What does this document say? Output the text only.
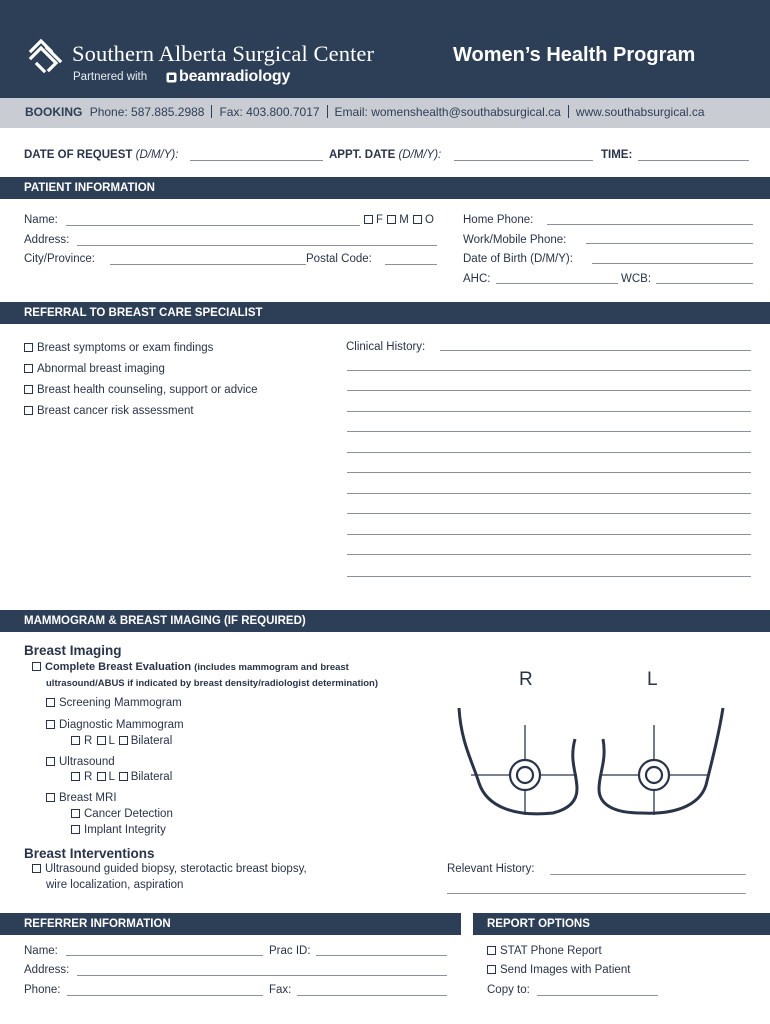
Southern Alberta Surgical Center
Partnered with beamradiology
Women’s Health Program
BOOKING Phone: 587.885.2988 Fax: 403.800.7017 Email: womenshealth@southabsurgical.ca www.southabsurgical.ca
DATE OF REQUEST (D/M/Y):	APPT. DATE (D/M/Y):	TIME:
PATIENT INFORMATION
Name:	F M O
Address:
City/Province:	Postal Code:
Home Phone:
Work/Mobile Phone:
Date of Birth (D/M/Y):
AHC:	WCB:
REFERRAL TO BREAST CARE SPECIALIST
Breast symptoms or exam findings
Abnormal breast imaging
Breast health counseling, support or advice
Breast cancer risk assessment
Clinical History:
MAMMOGRAM & BREAST IMAGING (IF REQUIRED)
Breast Imaging
Complete Breast Evaluation (includes mammogram and breast
ultrasound/ABUS if indicated by breast density/radiologist determination)
Screening Mammogram
Diagnostic Mammogram
R L Bilateral
Ultrasound
R L Bilateral
Breast MRI
Cancer Detection
Implant Integrity
Breast Interventions
Ultrasound guided biopsy, sterotactic breast biopsy,
wire localization, aspiration
R	L
Relevant History:
REFERRER INFORMATION	REPORT OPTIONS
Name:	Prac ID:
Address:
Phone:	Fax:
STAT Phone Report
Send Images with Patient
Copy to:
